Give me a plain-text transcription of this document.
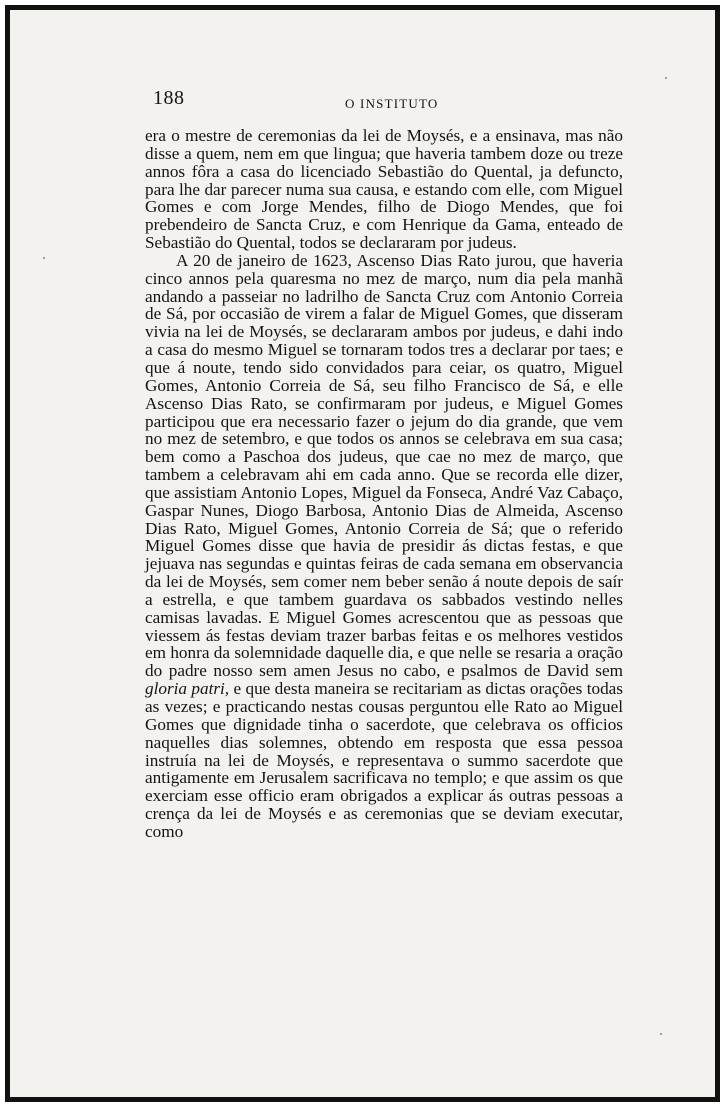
188	O INSTITUTO

era o mestre de ceremonias da lei de Moysés, e a ensinava, mas não disse a quem, nem em que lingua; que haveria tambem doze ou treze annos fôra a casa do licenciado Sebastião do Quental, ja defuncto, para lhe dar parecer numa sua causa, e estando com elle, com Miguel Gomes e com Jorge Mendes, filho de Diogo Mendes, que foi prebendeiro de Sancta Cruz, e com Henrique da Gama, enteado de Sebastião do Quental, todos se declararam por judeus.

A 20 de janeiro de 1623, Ascenso Dias Rato jurou, que haveria cinco annos pela quaresma no mez de março, num dia pela manhã andando a passeiar no ladrilho de Sancta Cruz com Antonio Correia de Sá, por occasião de virem a falar de Miguel Gomes, que disseram vivia na lei de Moysés, se declararam ambos por judeus, e dahi indo a casa do mesmo Miguel se tornaram todos tres a declarar por taes; e que á noute, tendo sido convidados para ceiar, os quatro, Miguel Gomes, Antonio Correia de Sá, seu filho Francisco de Sá, e elle Ascenso Dias Rato, se confirmaram por judeus, e Miguel Gomes participou que era necessario fazer o jejum do dia grande, que vem no mez de setembro, e que todos os annos se celebrava em sua casa; bem como a Paschoa dos judeus, que cae no mez de março, que tambem a celebravam ahi em cada anno. Que se recorda elle dizer, que assistiam Antonio Lopes, Miguel da Fonseca, André Vaz Cabaço, Gaspar Nunes, Diogo Barbosa, Antonio Dias de Almeida, Ascenso Dias Rato, Miguel Gomes, Antonio Correia de Sá; que o referido Miguel Gomes disse que havia de presidir ás dictas festas, e que jejuava nas segundas e quintas feiras de cada semana em observancia da lei de Moysés, sem comer nem beber senão á noute depois de saír a estrella, e que tambem guardava os sabbados vestindo nelles camisas lavadas. E Miguel Gomes acrescentou que as pessoas que viessem ás festas deviam trazer barbas feitas e os melhores vestidos em honra da solemnidade daquelle dia, e que nelle se resaria a oração do padre nosso sem amen Jesus no cabo, e psalmos de David sem gloria patri, e que desta maneira se recitariam as dictas orações todas as vezes; e practicando nestas cousas perguntou elle Rato ao Miguel Gomes que dignidade tinha o sacerdote, que celebrava os officios naquelles dias solemnes, obtendo em resposta que essa pessoa instruía na lei de Moysés, e representava o summo sacerdote que antigamente em Jerusalem sacrificava no templo; e que assim os que exerciam esse officio eram obrigados a explicar ás outras pessoas a crença da lei de Moysés e as ceremonias que se deviam executar, como
